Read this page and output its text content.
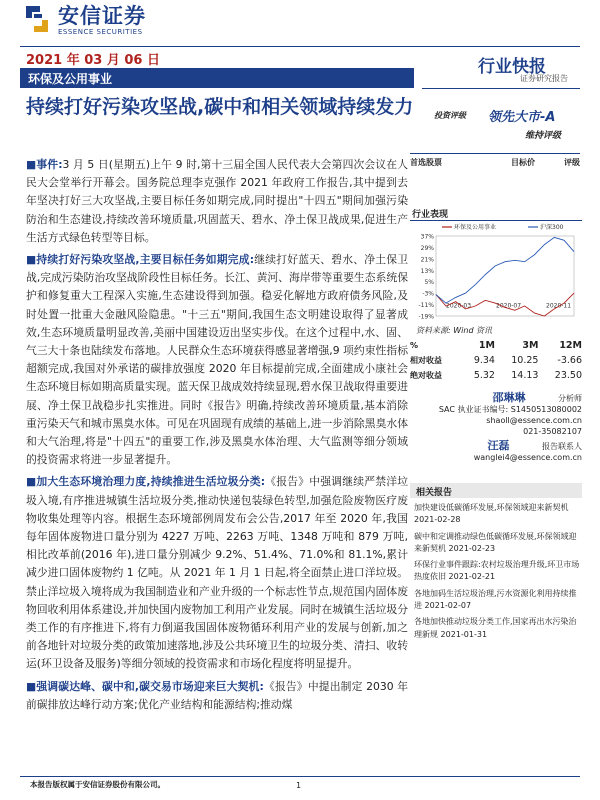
安信证券
ESSENCE SECURITIES
2021 年 03 月 06 日
环保及公用事业
行业快报
证券研究报告
持续打好污染攻坚战,碳中和相关领域持续发力	投资评级 领先大市-A
维持评级
首选股票	目标价	评级
行业表现
环保及公用事业	沪深300
37%
29%
21%
13%
5%
-3%
-11%
-19%
2020-03	2020-07	2020-11
资料来源: Wind 资讯
%	1M	3M	12M
相对收益	9.34	10.25	-3.66
绝对收益	5.32	14.13	23.50
邵琳琳	分析师
SAC 执业证书编号: S1450513080002
shaoll@essence.com.cn
021-35082107
汪磊	报告联系人
wanglei4@essence.com.cn
相关报告
加快建设低碳循环发展,环保领域迎来新契机 2021-02-28
碳中和定调推动绿色低碳循环发展,环保领域迎来新契机 2021-02-23
环保行业事件跟踪:农村垃圾治理升级,环卫市场热度依旧 2021-02-21
各地加码生活垃圾治理,污水资源化利用持续推进 2021-02-07
各地加快推动垃圾分类工作,国家再出水污染治理新规 2021-01-31

■事件:3 月 5 日(星期五)上午 9 时,第十三届全国人民代表大会第四次会议在人民大会堂举行开幕会。国务院总理李克强作 2021 年政府工作报告,其中提到去年坚决打好三大攻坚战,主要目标任务如期完成,同时提出"十四五"期间加强污染防治和生态建设,持续改善环境质量,巩固蓝天、碧水、净土保卫战成果,促进生产生活方式绿色转型等目标。

■持续打好污染攻坚战,主要目标任务如期完成:继续打好蓝天、碧水、净土保卫战,完成污染防治攻坚战阶段性目标任务。长江、黄河、海岸带等重要生态系统保护和修复重大工程深入实施,生态建设得到加强。稳妥化解地方政府债务风险,及时处置一批重大金融风险隐患。"十三五"期间,我国生态文明建设取得了显著成效,生态环境质量明显改善,美丽中国建设迈出坚实步伐。在这个过程中,水、固、气三大十条也陆续发布落地。人民群众生态环境获得感显著增强,9 项约束性指标超额完成,我国对外承诺的碳排放强度 2020 年目标提前完成,全面建成小康社会生态环境目标如期高质量实现。蓝天保卫战成效持续显现,碧水保卫战取得重要进展、净土保卫战稳步扎实推进。同时《报告》明确,持续改善环境质量,基本消除重污染天气和城市黑臭水体。可见在巩固现有成绩的基础上,进一步消除黑臭水体和大气治理,将是"十四五"的重要工作,涉及黑臭水体治理、大气监测等细分领域的投资需求将进一步显著提升。

■加大生态环境治理力度,持续推进生活垃圾分类:《报告》中强调继续严禁洋垃圾入境,有序推进城镇生活垃圾分类,推动快递包装绿色转型,加强危险废物医疗废物收集处理等内容。根据生态环境部例周发布会公告,2017 年至 2020 年,我国每年固体废物进口量分别为 4227 万吨、2263 万吨、1348 万吨和 879 万吨,相比改革前(2016 年),进口量分别减少 9.2%、51.4%、71.0%和 81.1%,累计减少进口固体废物约 1 亿吨。从 2021 年 1 月 1 日起,将全面禁止进口洋垃圾。禁止洋垃圾入境将成为我国制造业和产业升级的一个标志性节点,规范国内固体废物回收利用体系建设,并加快国内废物加工利用产业发展。同时在城镇生活垃圾分类工作的有序推进下,将有力倒逼我国固体废物循环利用产业的发展与创新,加之前各地针对垃圾分类的政策加速落地,涉及公共环境卫生的垃圾分类、清扫、收转运(环卫设备及服务)等细分领域的投资需求和市场化程度将明显提升。

■强调碳达峰、碳中和,碳交易市场迎来巨大契机:《报告》中提出制定 2030 年前碳排放达峰行动方案;优化产业结构和能源结构;推动煤

本报告版权属于安信证券股份有限公司。	1
